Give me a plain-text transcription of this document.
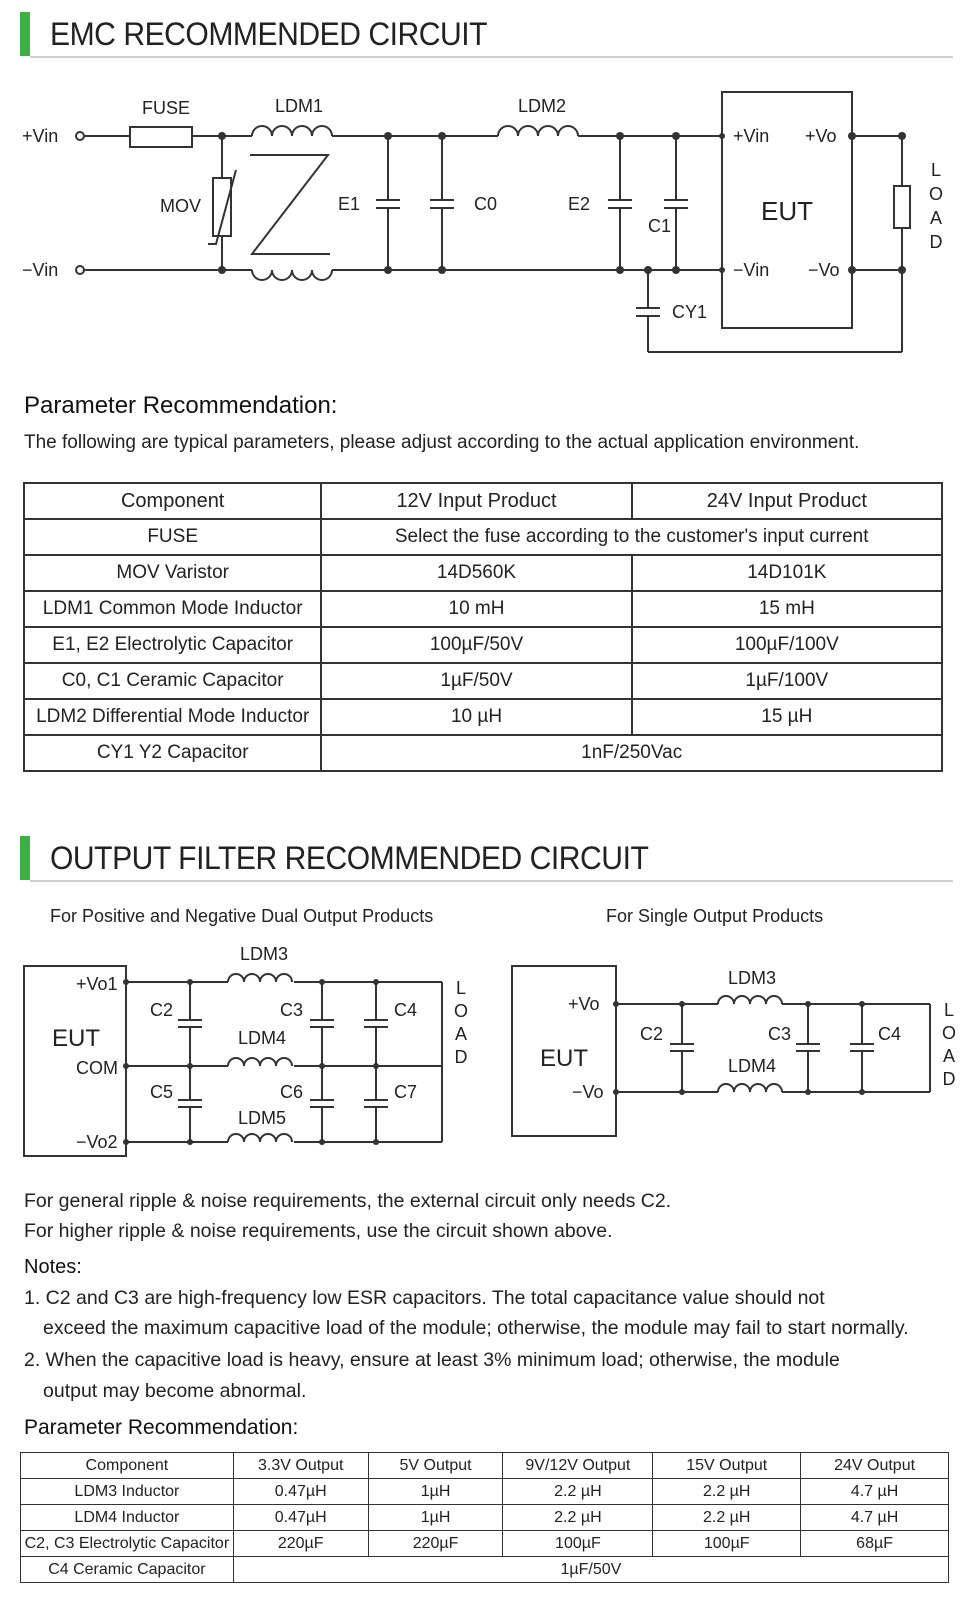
EMC RECOMMENDED CIRCUIT
+Vin
−Vin
FUSE	LDM1	LDM2
MOV	E1	C0	E2
C1
CY1
+Vin +Vo
−Vin −Vo
EUT
L
O
A
D
Parameter Recommendation:
The following are typical parameters, please adjust according to the actual application environment.
Component	12V Input Product	24V Input Product
FUSE	Select the fuse according to the customer's input current	
MOV Varistor	14D560K	14D101K
LDM1 Common Mode Inductor	10 mH	15 mH
E1, E2 Electrolytic Capacitor	100µF/50V	100µF/100V
C0, C1 Ceramic Capacitor	1µF/50V	1µF/100V
LDM2 Differential Mode Inductor	10 µH	15 µH
CY1 Y2 Capacitor	1nF/250Vac	
OUTPUT FILTER RECOMMENDED CIRCUIT
For Positive and Negative Dual Output Products	For Single Output Products
EUT
+Vo1
COM
−Vo2
LDM3
LDM4
LDM5
C2	C3	C4
C5	C6	C7
L
O
A
D	EUT
+Vo
−Vo
LDM3
LDM4
C2	C3	C4
L
O
A
D
For general ripple & noise requirements, the external circuit only needs C2.
For higher ripple & noise requirements, use the circuit shown above.
Notes:
1. C2 and C3 are high-frequency low ESR capacitors. The total capacitance value should not
exceed the maximum capacitive load of the module; otherwise, the module may fail to start normally.
2. When the capacitive load is heavy, ensure at least 3% minimum load; otherwise, the module
output may become abnormal.
Parameter Recommendation:
Component	3.3V Output	5V Output	9V/12V Output	15V Output	24V Output
LDM3 Inductor	0.47µH	1µH	2.2 µH	2.2 µH	4.7 µH
LDM4 Inductor	0.47µH	1µH	2.2 µH	2.2 µH	4.7 µH
C2, C3 Electrolytic Capacitor	220µF	220µF	100µF	100µF	68µF
C4 Ceramic Capacitor	1µF/50V				
